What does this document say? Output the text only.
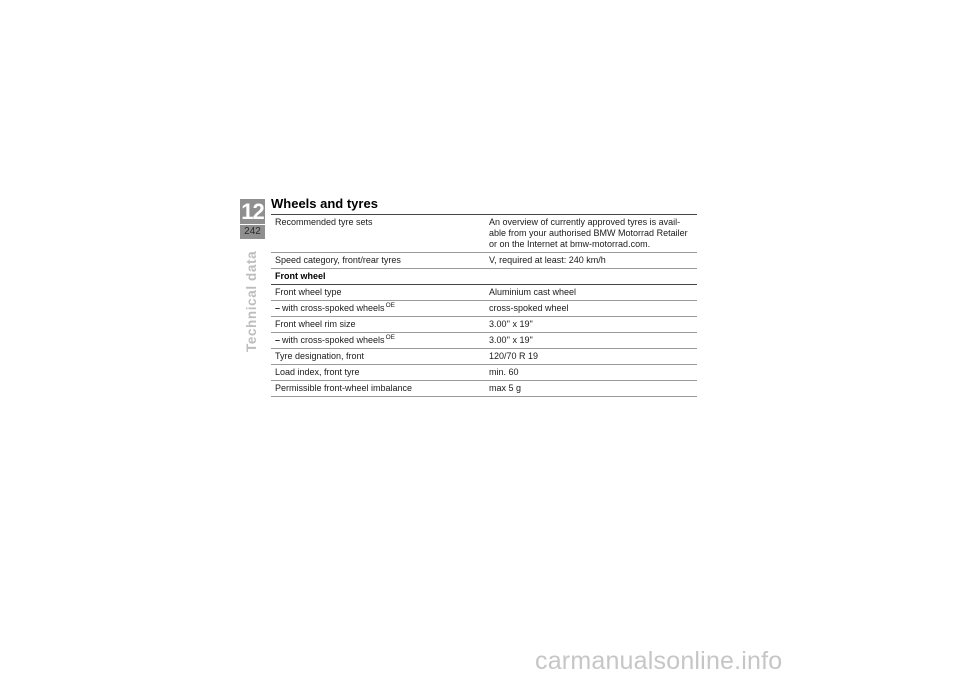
12
242
Technical data
Wheels and tyres
Recommended tyre sets	An overview of currently approved tyres is avail-able from your authorised BMW Motorrad Retailer or on the Internet at bmw-motorrad.com.
Speed category, front/rear tyres	V, required at least: 240 km/h
Front wheel	
Front wheel type	Aluminium cast wheel
– with cross-spoked wheels$^{OE}$	cross-spoked wheel
Front wheel rim size	3.00'' x 19''
– with cross-spoked wheels$^{OE}$	3.00'' x 19''
Tyre designation, front	120/70 R 19
Load index, front tyre	min. 60
Permissible front-wheel imbalance	max 5 g
carmanualsonline.info
